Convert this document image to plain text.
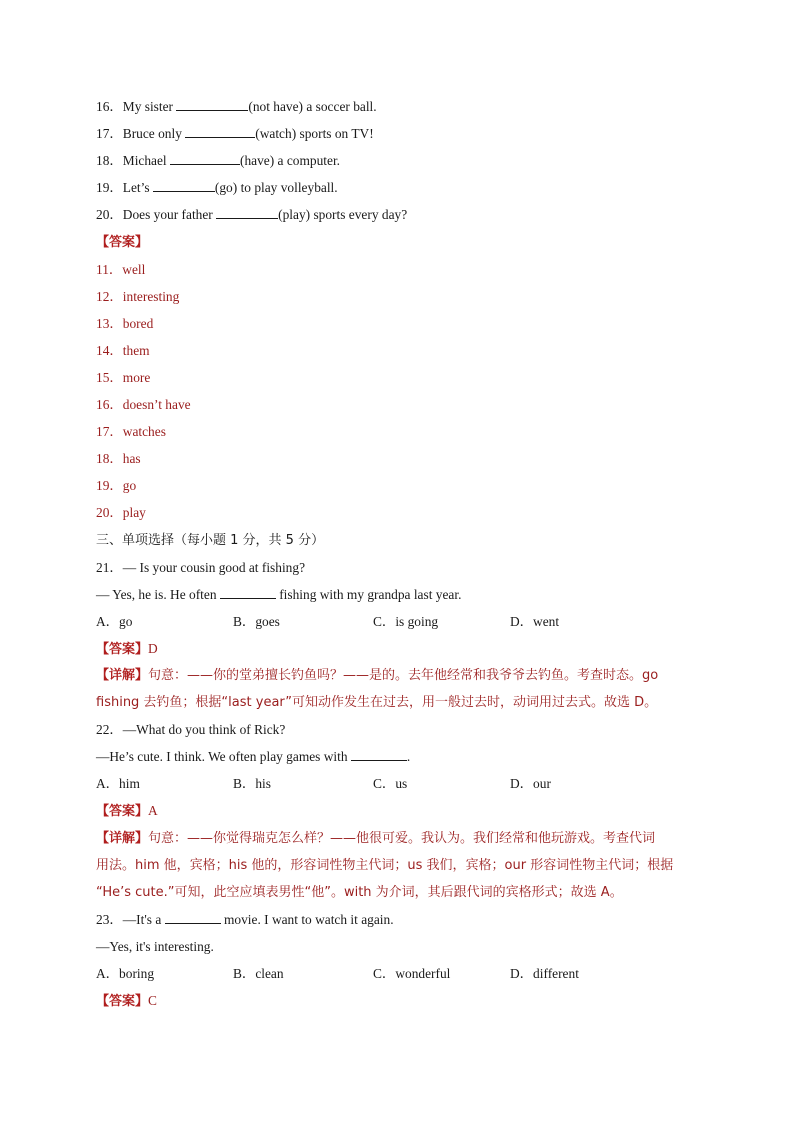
16．My sister	(not have) a soccer ball.
17．Bruce only	(watch) sports on TV!
18．Michael	(have) a computer.
19．Let’s	(go) to play volleyball.
20．Does your father	(play) sports every day?
【答案】
11．well
12．interesting
13．bored
14．them
15．more
16．doesn’t have
17．watches
18．has
19．go
20．play
三、单项选择（每小题 1 分，共 5 分）
21．— Is your cousin good at fishing?
— Yes, he is. He often	fishing with my grandpa last year.
A．go	B．goes	C．is going	D．went
【答案】D
【详解】句意：——你的堂弟擅长钓鱼吗？——是的。去年他经常和我爷爷去钓鱼。考查时态。go
fishing 去钓鱼；根据“last year”可知动作发生在过去，用一般过去时，动词用过去式。故选 D。
22．—What do you think of Rick?
—He’s cute. I think. We often play games with	.
A．him	B．his	C．us	D．our
【答案】A
【详解】句意：——你觉得瑞克怎么样？——他很可爱。我认为。我们经常和他玩游戏。考查代词
用法。him 他，宾格；his 他的，形容词性物主代词；us 我们，宾格；our 形容词性物主代词；根据
“He’s cute.”可知，此空应填表男性“他”。with 为介词，其后跟代词的宾格形式；故选 A。
23．—It's a	movie. I want to watch it again.
—Yes, it's interesting.
A．boring	B．clean	C．wonderful	D．different
【答案】C
